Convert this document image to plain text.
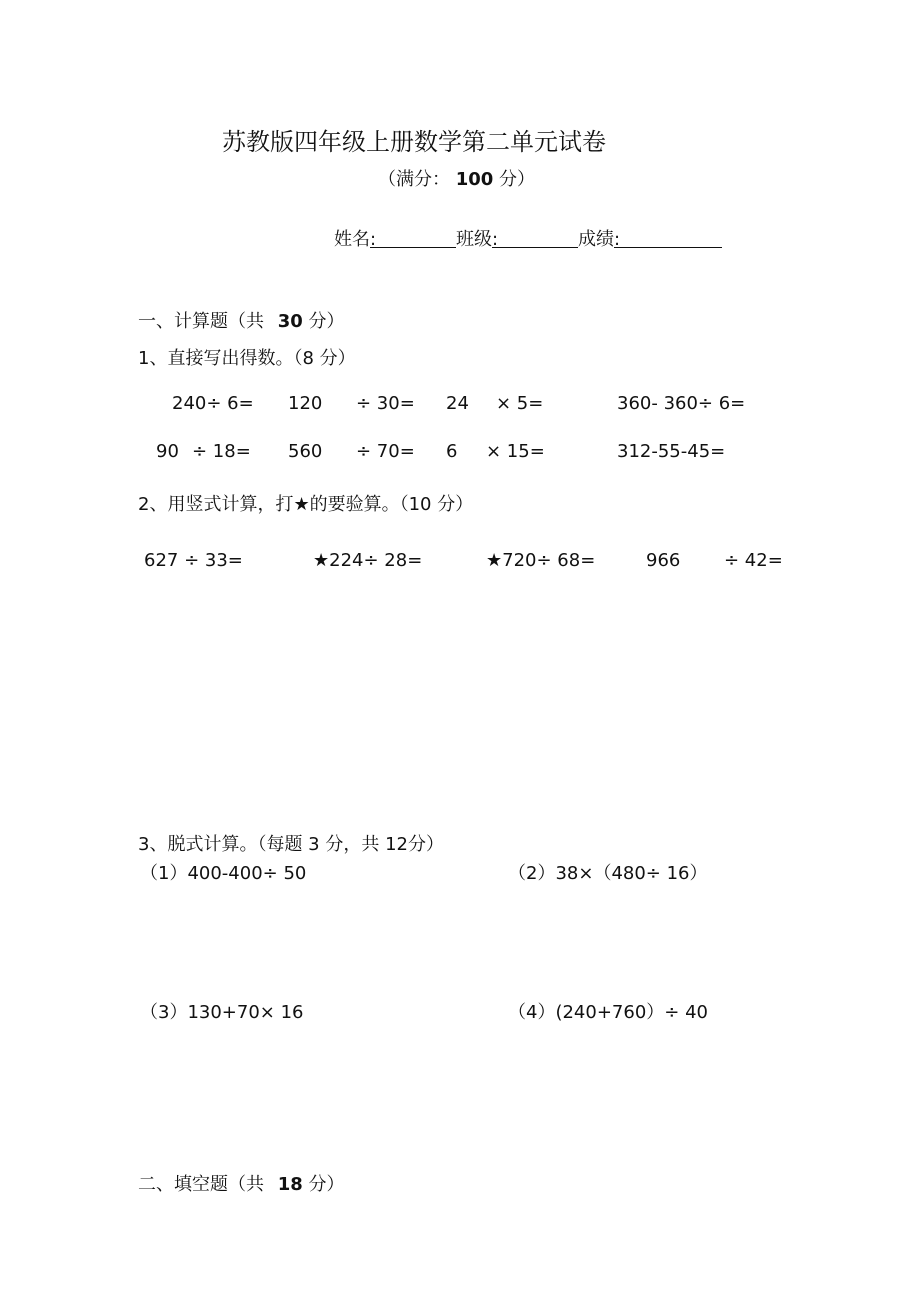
苏教版四年级上册数学第二单元试卷
（满分： 100 分）
姓名:	班级:	成绩:
一、计算题（共 30 分）
1、直接写出得数。（8 分）
240÷ 6= 120 ÷ 30= 24 × 5=	360- 360÷ 6=
90 ÷ 18= 560 ÷ 70= 6 × 15=	312-55-45=
2、用竖式计算，打★的要验算。（10 分）
627 ÷ 33=	★224÷ 28=	★720÷ 68=	966 ÷ 42=
3、脱式计算。（每题 3 分，共 12分）
（1）400-400÷ 50	（2）38×（480÷ 16）
（3）130+70× 16	（4）(240+760）÷ 40
二、填空题（共 18 分）
